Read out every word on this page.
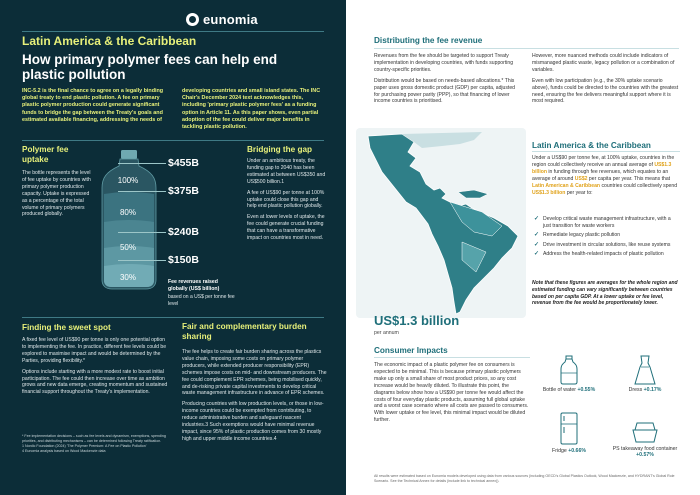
eunomia
Latin America & the Caribbean
How primary polymer fees can help end plastic pollution
INC-5.2 is the final chance to agree on a legally binding global treaty to end plastic pollution. A fee on primary plastic polymer production could generate significant funds to bridge the gap between the Treaty's goals and estimated available financing, addressing the needs of
developing countries and small island states. The INC Chair's December 2024 text acknowledges this, including 'primary plastic polymer fees' as a funding option in Article 11. As this paper shows, even partial adoption of the fee could deliver major benefits in tackling plastic pollution.
Polymer fee uptake
The bottle represents the level of fee uptake by countries with primary polymer production capacity. Uptake is expressed as a percentage of the total volume of primary polymers produced globally.
100%
80%
50%
30%
$455B
$375B
$240B
$150B
Fee revenues raised globally (US$ billion)
based on a US$ per tonne fee level
Bridging the gap

Under an ambitious treaty, the funding gap to 2040 has been estimated at between US$350 and US$500 billion.1

A fee of US$90 per tonne at 100% uptake could close this gap and help end plastic pollution globally.

Even at lower levels of uptake, the fee could generate crucial funding that can have a transformative impact on countries most in need.

Finding the sweet spot

A fixed fee level of US$90 per tonne is only one potential option to implementing the fee. In practice, different fee levels could be explored to maximise impact and would be determined by the Parties, providing flexibility.*

Options include starting with a more modest rate to boost initial participation. The fee could then increase over time as ambition grows and new data emerge, creating momentum and sustained financial support throughout the Treaty's implementation.

Fair and complementary burden sharing

The fee helps to create fair burden sharing across the plastics value chain, imposing some costs on primary polymer producers, while extended producer responsibility (EPR) schemes impose costs on mid- and downstream producers. The fee could complement EPR schemes, being mobilised quickly, and de-risking private capital investments to develop critical waste management infrastructure in advance of EPR schemes.

Producing countries with low production levels, or those in low-income countries could be exempted from contributing, to reduce administrative burden and safeguard nascent industries.3 Such exemptions would have minimal revenue impact, since 95% of plastic production comes from 30 mostly high and upper middle income countries.4

* Fee implementation decisions – such as fee levels and dynamism, exemptions, spending priorities, and distributing mechanisms – can be determined following Treaty ratification.
1 Nordic Foundation (2024) 'The Polymer Premium: A Fee on Plastic Pollution'
4 Eunomia analysis based on Wood Mackenzie data
Distributing the fee revenue

Revenues from the fee should be targeted to support Treaty implementation in developing countries, with funds supporting country-specific priorities.

Distribution would be based on needs-based allocations.* This paper uses gross domestic product (GDP) per capita, adjusted for purchasing power parity (PPP), so that financing of lower income countries is prioritised.

However, more nuanced methods could include indicators of mismanaged plastic waste, legacy pollution or a combination of variables.

Even with low participation (e.g., the 30% uptake scenario above), funds could be directed to the countries with the greatest need, ensuring the fee delivers meaningful support where it is most required.

US$1.3 billion
per annum
Latin America & the Caribbean
Under a US$90 per tonne fee, at 100% uptake, countries in the region could collectively receive an annual average of US$1.3 billion in funding through fee revenues, which equates to an average of around US$2 per capita per year. This means that Latin American & Caribbean countries could collectively spend US$1.3 billion per year to:
✓ Develop critical waste management infrastructure, with a just transition for waste workers
✓ Remediate legacy plastic pollution
✓ Drive investment in circular solutions, like reuse systems
✓ Address the health-related impacts of plastic pollution
Note that these figures are averages for the whole region and estimated funding can vary significantly between countries based on per capita GDP. At a lower uptake or fee level, revenue from the fee would be proportionately lower.
Consumer Impacts
The economic impact of a plastic polymer fee on consumers is expected to be minimal. This is because primary plastic polymers make up only a small share of most product prices, so any cost increase would be heavily diluted. To illustrate this point, the diagrams below show how a US$90 per tonne fee would affect the costs of four everyday plastic products, assuming full global uptake and a worst case scenario where all costs are passed to consumers. With lower uptake or fee level, this minimal impact would be diluted further.
Bottle of water +0.55%	Dress +0.17%
Fridge +0.66%	PS takeaway food container +0.57%
All results were estimated based on Eunomia models developed using data from various sources (including OECD's Global Plastics Outlook, Wood Mackenzie, and HYDRANT's Global Role Scenario. See the Technical Annex for details (include link to technical annex)).
